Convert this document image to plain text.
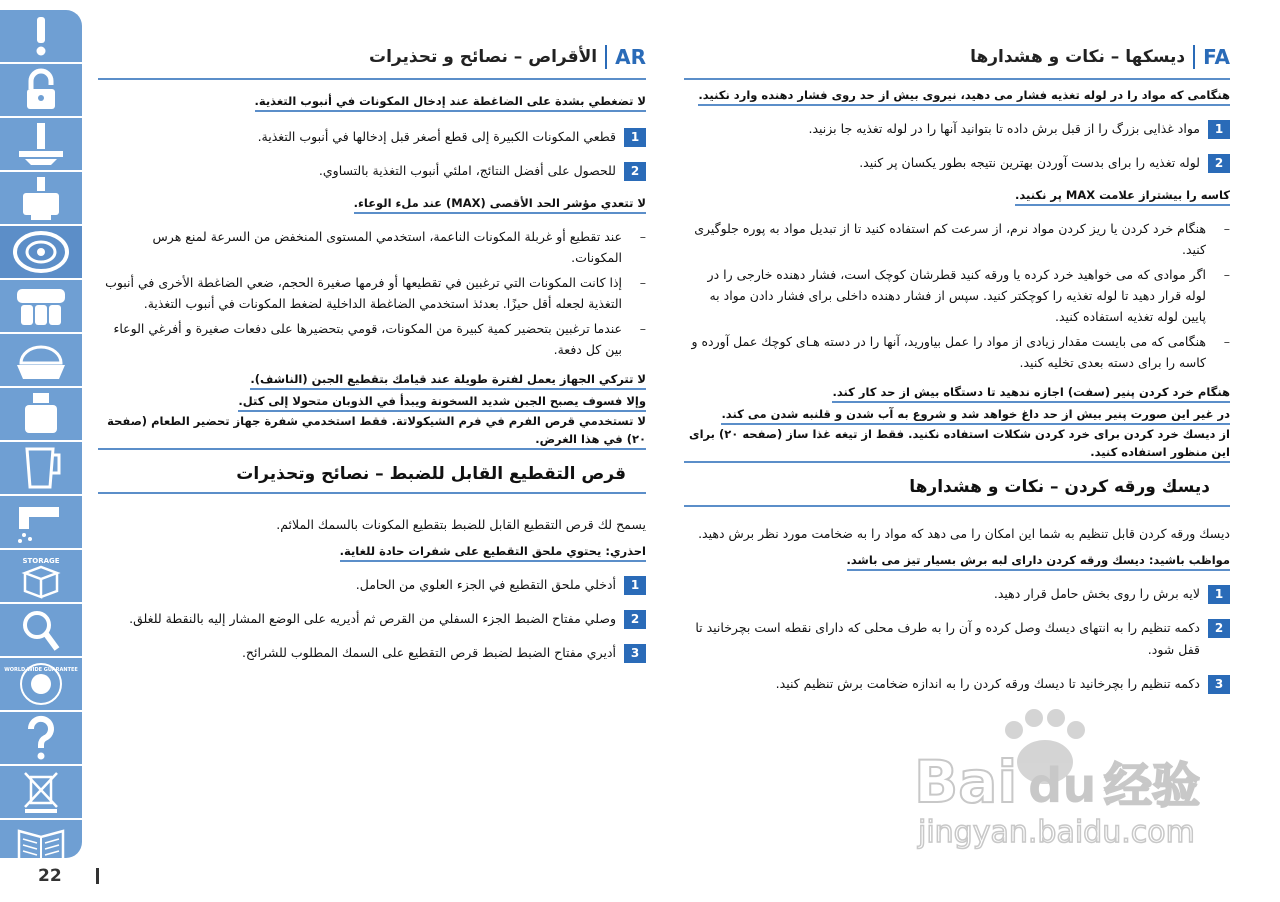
STORAGE
WORLD-WIDE GUARANTEE
22
FA
دیسکها – نکات و هشدارها
هنگامی که مواد را در لوله تغذیه فشار می دهید، نیروی بیش از حد روی فشار دهنده وارد نکنید.
1
مواد غذایی بزرگ را از قبل برش داده تا بتوانید آنها را در لوله تغذیه جا بزنید.
2
لوله تغذیه را برای بدست آوردن بهترین نتیجه بطور یکسان پر کنید.
کاسه را بیشتراز علامت MAX پر نکنید.
– هنگام خرد کردن یا ریز کردن مواد نرم، از سرعت کم استفاده کنید تا از تبدیل مواد به پوره جلوگیری کنید.
– اگر موادی که می خواهید خرد کرده یا ورقه کنید قطرشان کوچک است، فشار دهنده خارجی را در لوله قرار دهید تا لوله تغذیه را کوچکتر کنید. سپس از فشار دهنده داخلی برای فشار دادن مواد به پایین لوله تغذیه استفاده کنید.
– هنگامی که می بایست مقدار زیادی از مواد را عمل بیاورید، آنها را در دسته هـای کوچك عمل آورده و کاسه را برای دسته بعدی تخلیه کنید.
هنگام خرد کردن پنیر (سفت) اجازه ندهید تا دستگاه بیش از حد کار کند.
در غیر این صورت پنیر بیش از حد داغ خواهد شد و شروع به آب شدن و قلنبه شدن می کند.
از دیسك خرد کردن برای خرد کردن شکلات استفاده نکنید. فقط از تیغه غذا ساز (صفحه ٢٠) برای این منظور استفاده کنید.
دیسك ورقه کردن – نکات و هشدارها
دیسك ورقه کردن قابل تنظیم به شما این امکان را می دهد که مواد را به ضخامت مورد نظر برش دهید.
مواظب باشید: دیسك ورقه کردن دارای لبه برش بسیار تیز می باشد.
1
لایه برش را روی بخش حامل قرار دهید.
2
دکمه تنظیم را به انتهای دیسك وصل کرده و آن را به طرف محلی که دارای نقطه است بچرخانید تا قفل شود.
3
دکمه تنظیم را بچرخانید تا دیسك ورقه کردن را به اندازه ضخامت برش تنظیم کنید.
AR
الأقراص – نصائح و تحذيرات
لا تضغطي بشدة على الضاغطة عند إدخال المكونات في أنبوب التغذية.
1
قطعي المكونات الكبيرة إلى قطع أصغر قبل إدخالها في أنبوب التغذية.
2
للحصول على أفضل النتائج، املئي أنبوب التغذية بالتساوي.
لا تتعدي مؤشر الحد الأقصى (MAX) عند ملء الوعاء.
– عند تقطيع أو غربلة المكونات الناعمة، استخدمي المستوى المنخفض من السرعة لمنع هرس المكونات.
– إذا كانت المكونات التي ترغبين في تقطيعها أو فرمها صغيرة الحجم، ضعي الضاغطة الأخرى في أنبوب التغذية لجعله أقل حيزًا. بعدئذ استخدمي الضاغطة الداخلية لضغط المكونات في أنبوب التغذية.
– عندما ترغبين بتحضير كمية كبيرة من المكونات، قومي بتحضيرها على دفعات صغيرة و أفرغي الوعاء بين كل دفعة.
لا تتركي الجهاز يعمل لفترة طويلة عند قيامك بتقطيع الجبن (الناشف).
وإلا فسوف يصبح الجبن شديد السخونة ويبدأ في الذوبان متحولا إلى كتل.
لا تستخدمي قرص الفرم في فرم الشيكولاتة. فقط استخدمي شفرة جهاز تحضير الطعام (صفحة ٢٠) في هذا الغرض.
قرص التقطيع القابل للضبط – نصائح وتحذيرات
يسمح لك قرص التقطيع القابل للضبط بتقطيع المكونات بالسمك الملائم.
احذري: يحتوي ملحق التقطيع على شفرات حادة للغاية.
1
أدخلي ملحق التقطيع في الجزء العلوي من الحامل.
2
وصلي مفتاح الضبط الجزء السفلي من القرص ثم أديريه على الوضع المشار إليه بالنقطة للغلق.
3
أديري مفتاح الضبط لضبط قرص التقطيع على السمك المطلوب للشرائح.
Bai du 经验
jingyan.baidu.com
